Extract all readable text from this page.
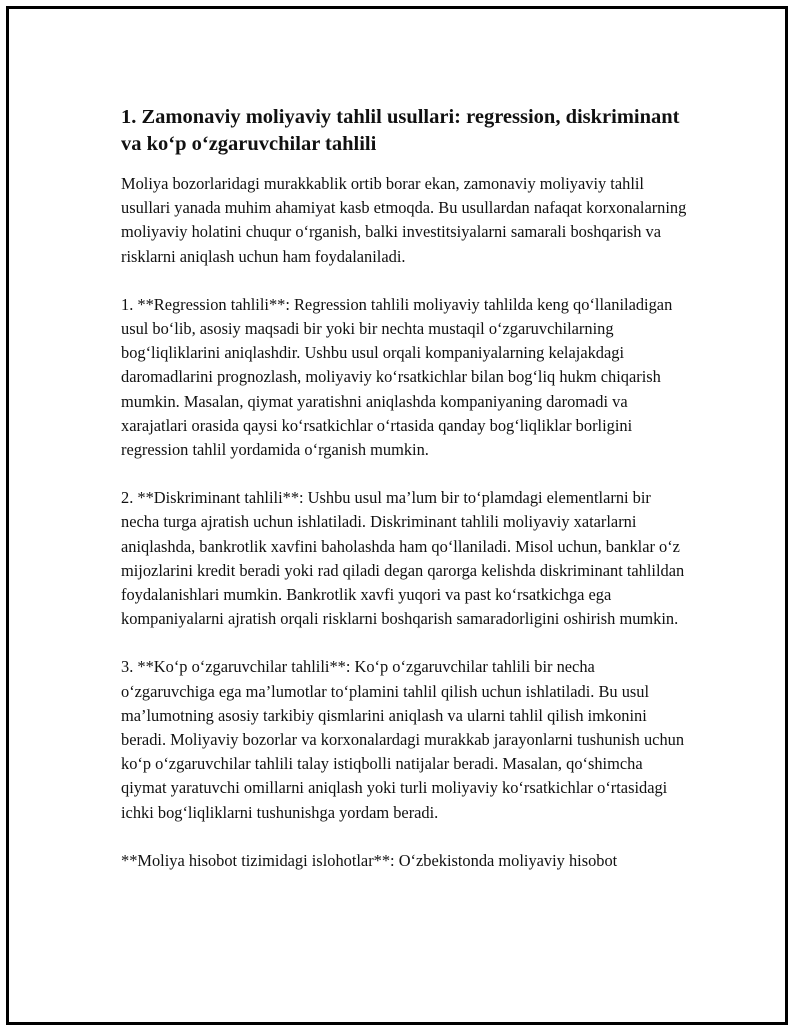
1. Zamonaviy moliyaviy tahlil usullari: regression, diskriminant va ko‘p o‘zgaruvchilar tahlili

Moliya bozorlaridagi murakkablik ortib borar ekan, zamonaviy moliyaviy tahlil usullari yanada muhim ahamiyat kasb etmoqda. Bu usullardan nafaqat korxonalarning moliyaviy holatini chuqur o‘rganish, balki investitsiyalarni samarali boshqarish va risklarni aniqlash uchun ham foydalaniladi.

1. **Regression tahlili**: Regression tahlili moliyaviy tahlilda keng qo‘llaniladigan usul bo‘lib, asosiy maqsadi bir yoki bir nechta mustaqil o‘zgaruvchilarning bog‘liqliklarini aniqlashdir. Ushbu usul orqali kompaniyalarning kelajakdagi daromadlarini prognozlash, moliyaviy ko‘rsatkichlar bilan bog‘liq hukm chiqarish mumkin. Masalan, qiymat yaratishni aniqlashda kompaniyaning daromadi va xarajatlari orasida qaysi ko‘rsatkichlar o‘rtasida qanday bog‘liqliklar borligini regression tahlil yordamida o‘rganish mumkin.

2. **Diskriminant tahlili**: Ushbu usul ma’lum bir to‘plamdagi elementlarni bir necha turga ajratish uchun ishlatiladi. Diskriminant tahlili moliyaviy xatarlarni aniqlashda, bankrotlik xavfini baholashda ham qo‘llaniladi. Misol uchun, banklar o‘z mijozlarini kredit beradi yoki rad qiladi degan qarorga kelishda diskriminant tahlildan foydalanishlari mumkin. Bankrotlik xavfi yuqori va past ko‘rsatkichga ega kompaniyalarni ajratish orqali risklarni boshqarish samaradorligini oshirish mumkin.

3. **Ko‘p o‘zgaruvchilar tahlili**: Ko‘p o‘zgaruvchilar tahlili bir necha o‘zgaruvchiga ega ma’lumotlar to‘plamini tahlil qilish uchun ishlatiladi. Bu usul ma’lumotning asosiy tarkibiy qismlarini aniqlash va ularni tahlil qilish imkonini beradi. Moliyaviy bozorlar va korxonalardagi murakkab jarayonlarni tushunish uchun ko‘p o‘zgaruvchilar tahlili talay istiqbolli natijalar beradi. Masalan, qo‘shimcha qiymat yaratuvchi omillarni aniqlash yoki turli moliyaviy ko‘rsatkichlar o‘rtasidagi ichki bog‘liqliklarni tushunishga yordam beradi.

**Moliya hisobot tizimidagi islohotlar**: O‘zbekistonda moliyaviy hisobot
